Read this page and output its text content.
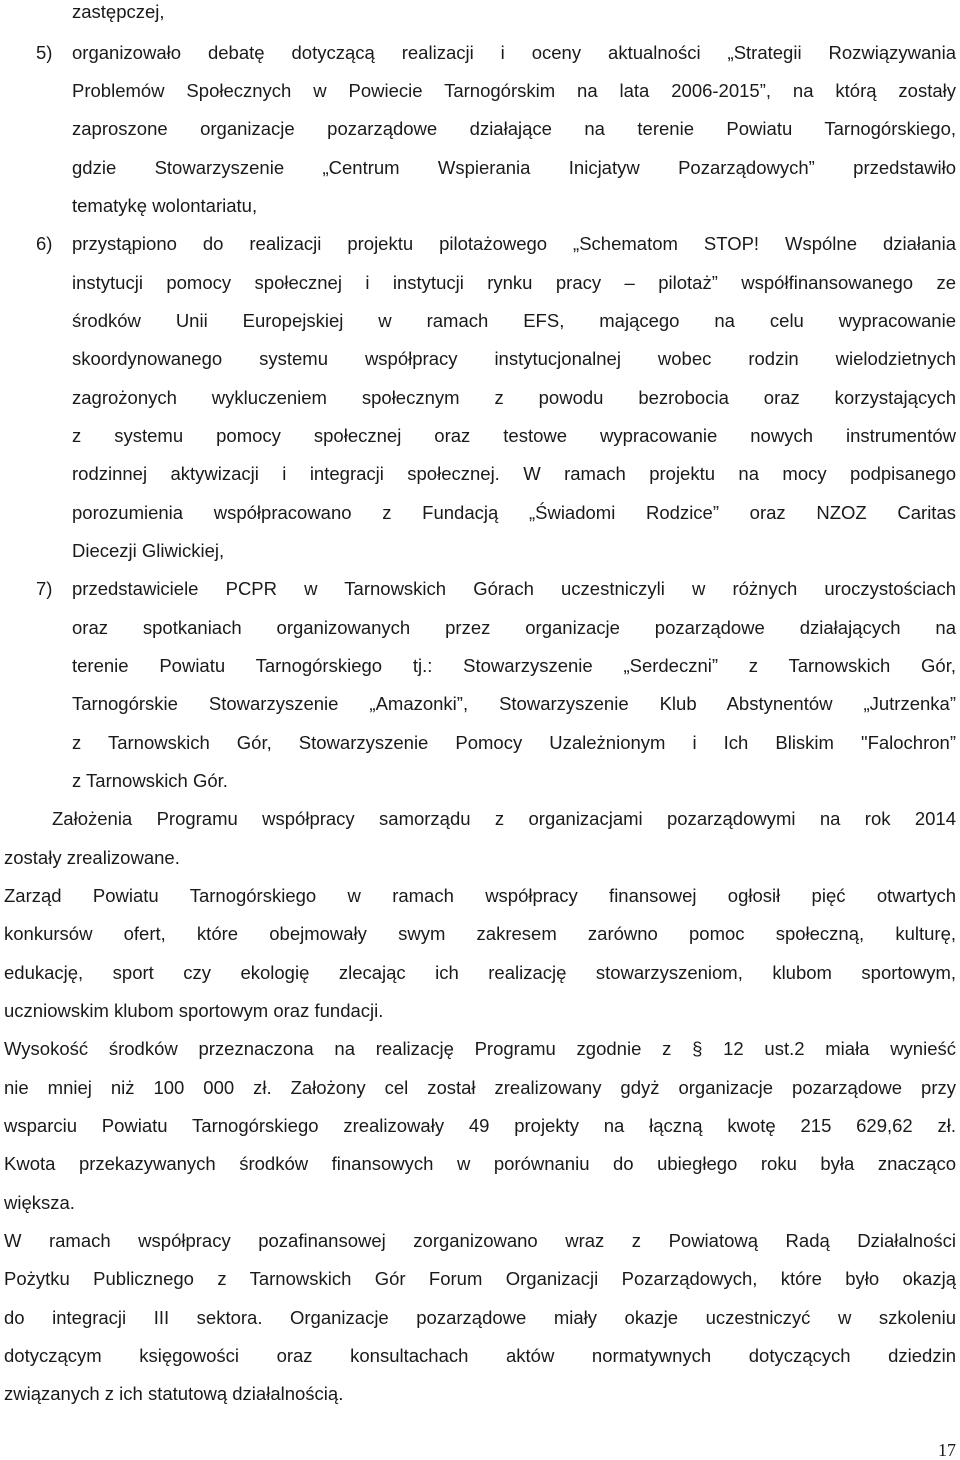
zastępczej,
5) organizowało debatę dotyczącą realizacji i oceny aktualności „Strategii Rozwiązywania
Problemów Społecznych w Powiecie Tarnogórskim na lata 2006-2015”, na którą zostały
zaproszone organizacje pozarządowe działające na terenie Powiatu Tarnogórskiego,
gdzie Stowarzyszenie „Centrum Wspierania Inicjatyw Pozarządowych” przedstawiło
tematykę wolontariatu,
6) przystąpiono do realizacji projektu pilotażowego „Schematom STOP! Wspólne działania
instytucji pomocy społecznej i instytucji rynku pracy – pilotaż” współfinansowanego ze
środków Unii Europejskiej w ramach EFS, mającego na celu wypracowanie
skoordynowanego systemu współpracy instytucjonalnej wobec rodzin wielodzietnych
zagrożonych wykluczeniem społecznym z powodu bezrobocia oraz korzystających
z systemu pomocy społecznej oraz testowe wypracowanie nowych instrumentów
rodzinnej aktywizacji i integracji społecznej. W ramach projektu na mocy podpisanego
porozumienia współpracowano z Fundacją „Świadomi Rodzice” oraz NZOZ Caritas
Diecezji Gliwickiej,
7) przedstawiciele PCPR w Tarnowskich Górach uczestniczyli w różnych uroczystościach
oraz spotkaniach organizowanych przez organizacje pozarządowe działających na
terenie Powiatu Tarnogórskiego tj.: Stowarzyszenie „Serdeczni” z Tarnowskich Gór,
Tarnogórskie Stowarzyszenie „Amazonki”, Stowarzyszenie Klub Abstynentów „Jutrzenka”
z Tarnowskich Gór, Stowarzyszenie Pomocy Uzależnionym i Ich Bliskim "Falochron”
z Tarnowskich Gór.
Założenia Programu współpracy samorządu z organizacjami pozarządowymi na rok 2014
zostały zrealizowane.
Zarząd Powiatu Tarnogórskiego w ramach współpracy finansowej ogłosił pięć otwartych
konkursów ofert, które obejmowały swym zakresem zarówno pomoc społeczną, kulturę,
edukację, sport czy ekologię zlecając ich realizację stowarzyszeniom, klubom sportowym,
uczniowskim klubom sportowym oraz fundacji.
Wysokość środków przeznaczona na realizację Programu zgodnie z § 12 ust.2 miała wynieść
nie mniej niż 100 000 zł. Założony cel został zrealizowany gdyż organizacje pozarządowe przy
wsparciu Powiatu Tarnogórskiego zrealizowały 49 projekty na łączną kwotę 215 629,62 zł.
Kwota przekazywanych środków finansowych w porównaniu do ubiegłego roku była znacząco
większa.
W ramach współpracy pozafinansowej zorganizowano wraz z Powiatową Radą Działalności
Pożytku Publicznego z Tarnowskich Gór Forum Organizacji Pozarządowych, które było okazją
do integracji III sektora. Organizacje pozarządowe miały okazje uczestniczyć w szkoleniu
dotyczącym księgowości oraz konsultachach aktów normatywnych dotyczących dziedzin
związanych z ich statutową działalnością.
17
